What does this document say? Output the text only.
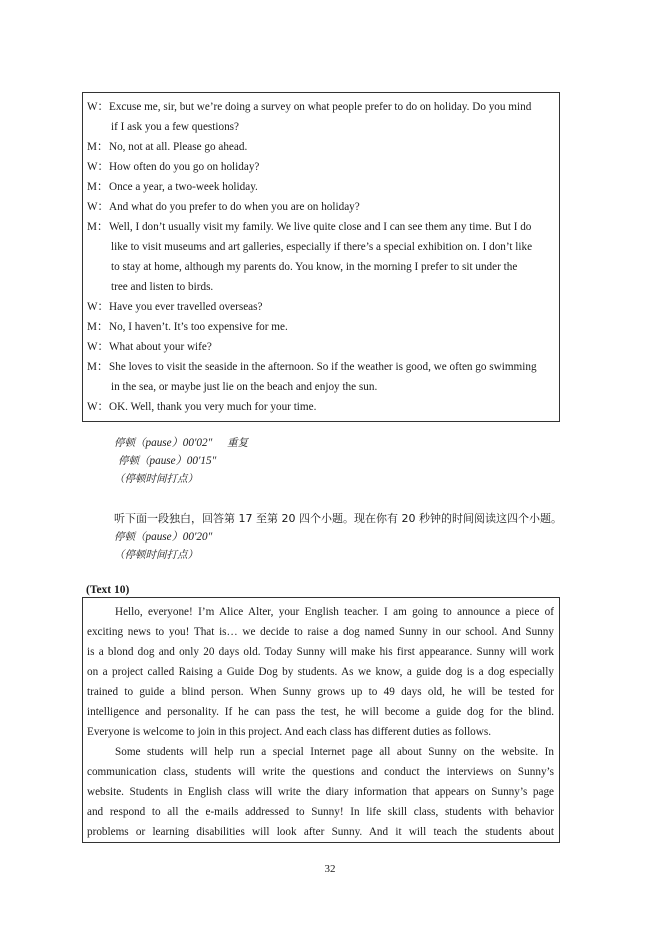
W： Excuse me, sir, but we’re doing a survey on what people prefer to do on holiday. Do you mind
if I ask you a few questions?
M： No, not at all. Please go ahead.
W： How often do you go on holiday?
M： Once a year, a two-week holiday.
W： And what do you prefer to do when you are on holiday?
M： Well, I don’t usually visit my family. We live quite close and I can see them any time. But I do
like to visit museums and art galleries, especially if there’s a special exhibition on. I don’t like
to stay at home, although my parents do. You know, in the morning I prefer to sit under the
tree and listen to birds.
W： Have you ever travelled overseas?
M： No, I haven’t. It’s too expensive for me.
W： What about your wife?
M： She loves to visit the seaside in the afternoon. So if the weather is good, we often go swimming
in the sea, or maybe just lie on the beach and enjoy the sun.
W： OK. Well, thank you very much for your time.
停顿（pause）00′02″ 重复
停顿（pause）00′15″
（停顿时间打点）
听下面一段独白，回答第 17 至第 20 四个小题。现在你有 20 秒钟的时间阅读这四个小题。
停顿（pause）00′20″
（停顿时间打点）
(Text 10)
Hello, everyone! I’m Alice Alter, your English teacher. I am going to announce a piece of
exciting news to you! That is… we decide to raise a dog named Sunny in our school. And Sunny
is a blond dog and only 20 days old. Today Sunny will make his first appearance. Sunny will work
on a project called Raising a Guide Dog by students. As we know, a guide dog is a dog especially
trained to guide a blind person. When Sunny grows up to 49 days old, he will be tested for
intelligence and personality. If he can pass the test, he will become a guide dog for the blind.
Everyone is welcome to join in this project. And each class has different duties as follows.
Some students will help run a special Internet page all about Sunny on the website. In
communication class, students will write the questions and conduct the interviews on Sunny’s
website. Students in English class will write the diary information that appears on Sunny’s page
and respond to all the e-mails addressed to Sunny! In life skill class, students with behavior
problems or learning disabilities will look after Sunny. And it will teach the students about
32
